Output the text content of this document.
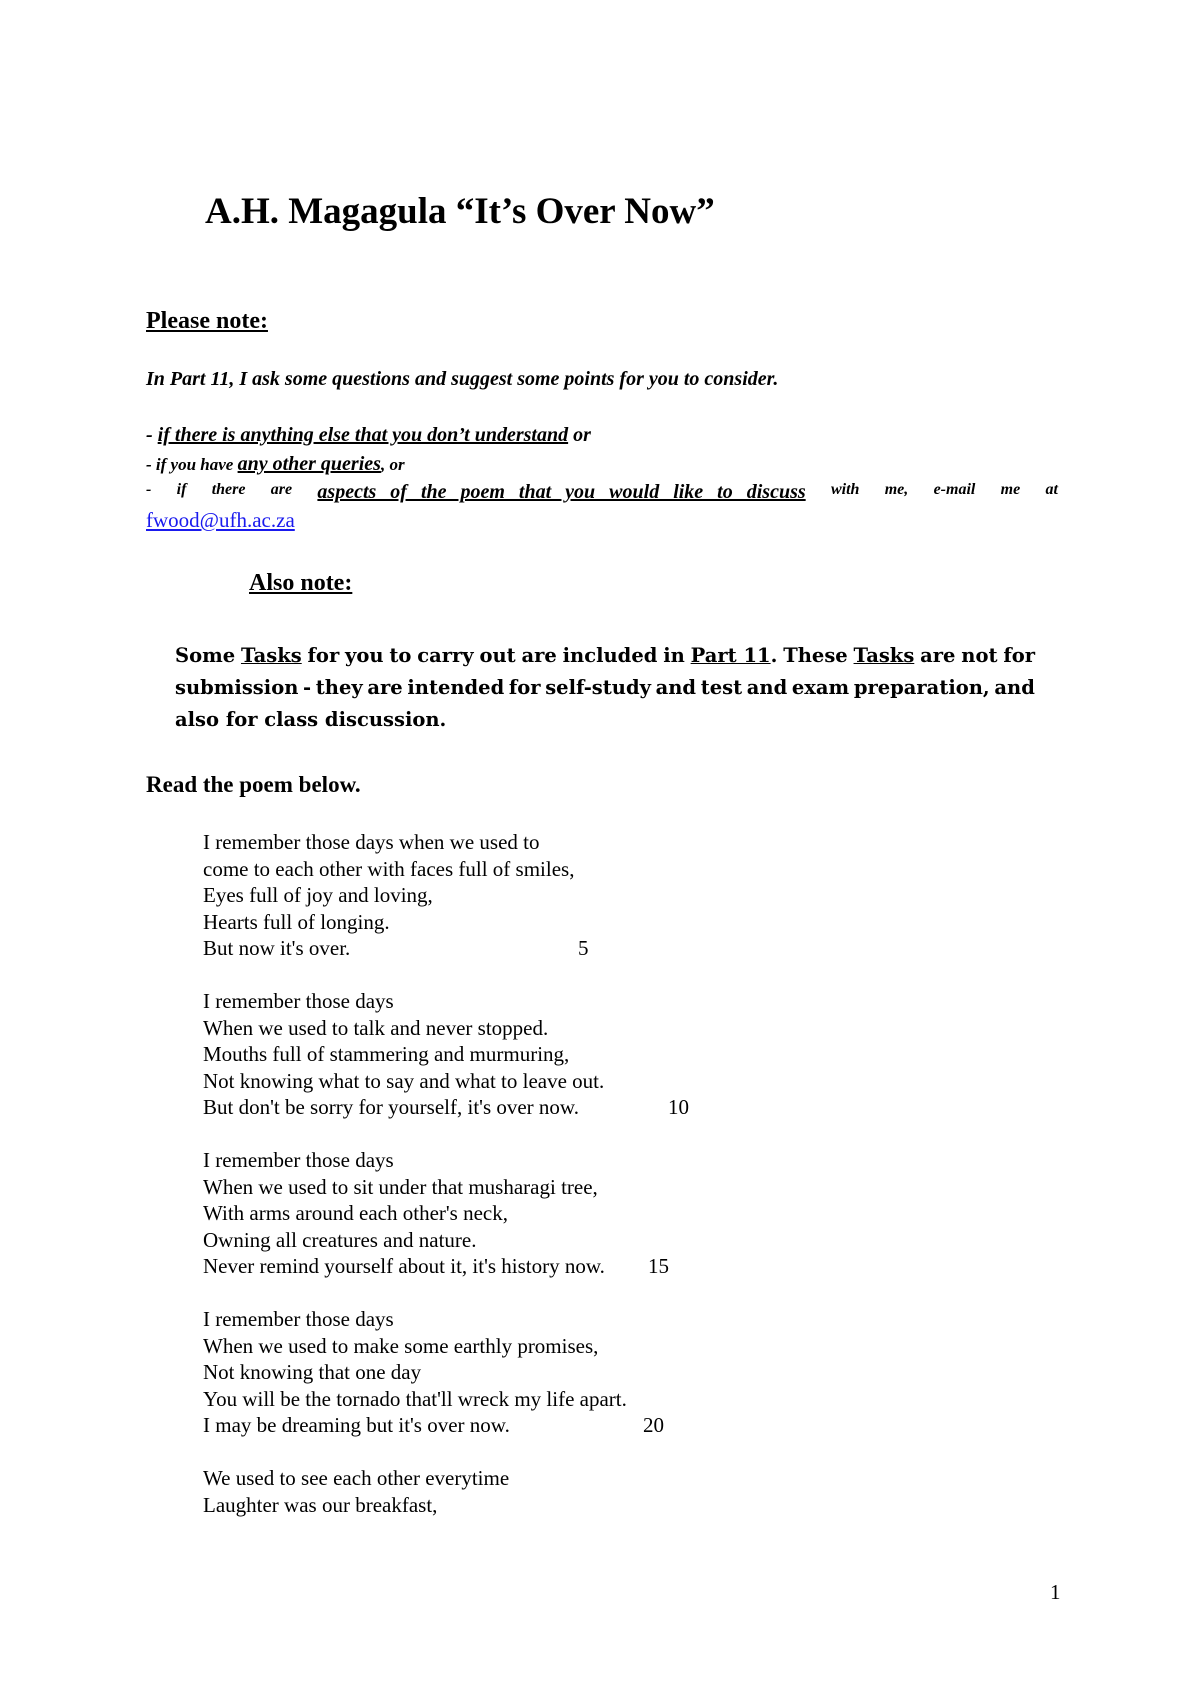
A.H. Magagula “It’s Over Now”
Please note:

In Part 11, I ask some questions and suggest some points for you to consider.

- if there is anything else that you don’t understand or
- if you have any other queries, or
- if there are aspects of the poem that you would like to discuss with me, e-mail me at
fwood@ufh.ac.za
Also note:
Some Tasks for you to carry out are included in Part 11. These Tasks are not for
submission - they are intended for self-study and test and exam preparation, and
also for class discussion.
Read the poem below.
I remember those days when we used to
come to each other with faces full of smiles,
Eyes full of joy and loving,
Hearts full of longing.
But now it's over.	5
I remember those days
When we used to talk and never stopped.
Mouths full of stammering and murmuring,
Not knowing what to say and what to leave out.
But don't be sorry for yourself, it's over now.	10
I remember those days
When we used to sit under that musharagi tree,
With arms around each other's neck,
Owning all creatures and nature.
Never remind yourself about it, it's history now. 15
I remember those days
When we used to make some earthly promises,
Not knowing that one day
You will be the tornado that'll wreck my life apart.
I may be dreaming but it's over now.	20
We used to see each other everytime
Laughter was our breakfast,
1
